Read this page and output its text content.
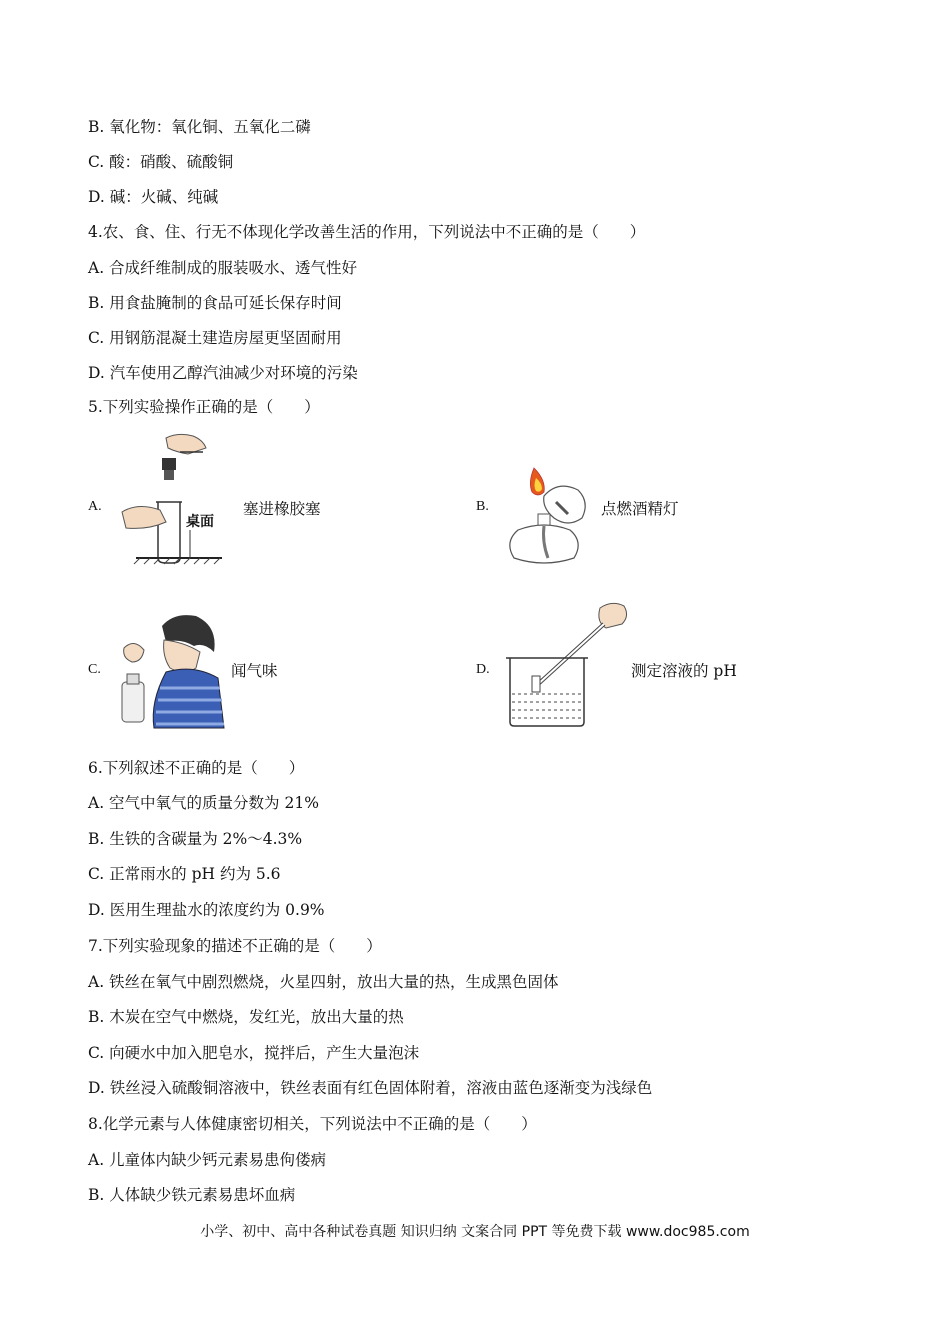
B. 氧化物：氧化铜、五氧化二磷
C. 酸：硝酸、硫酸铜
D. 碱：火碱、纯碱
4.农、食、住、行无不体现化学改善生活的作用，下列说法中不正确的是（　　）
A. 合成纤维制成的服装吸水、透气性好
B. 用食盐腌制的食品可延长保存时间
C. 用钢筋混凝土建造房屋更坚固耐用
D. 汽车使用乙醇汽油减少对环境的污染
5.下列实验操作正确的是（　　）
A.
桌面
塞进橡胶塞	B.	点燃酒精灯
C.	闻气味	D.	测定溶液的 pH
6.下列叙述不正确的是（　　）
A. 空气中氧气的质量分数为 21%
B. 生铁的含碳量为 2%～4.3%
C. 正常雨水的 pH 约为 5.6
D. 医用生理盐水的浓度约为 0.9%
7.下列实验现象的描述不正确的是（　　）
A. 铁丝在氧气中剧烈燃烧，火星四射，放出大量的热，生成黑色固体
B. 木炭在空气中燃烧，发红光，放出大量的热
C. 向硬水中加入肥皂水，搅拌后，产生大量泡沫
D. 铁丝浸入硫酸铜溶液中，铁丝表面有红色固体附着，溶液由蓝色逐渐变为浅绿色
8.化学元素与人体健康密切相关，下列说法中不正确的是（　　）
A. 儿童体内缺少钙元素易患佝偻病
B. 人体缺少铁元素易患坏血病
小学、初中、高中各种试卷真题 知识归纳 文案合同 PPT 等免费下载 www.doc985.com
